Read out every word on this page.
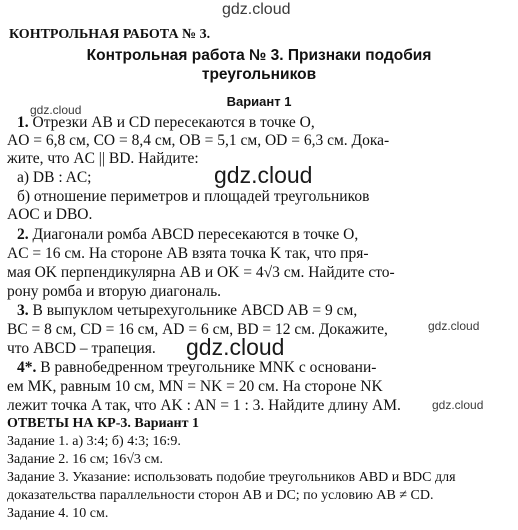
gdz.cloud
КОНТРОЛЬНАЯ РАБОТА № 3.
Контрольная работа № 3. Признаки подобия
треугольников
gdz.cloud
Вариант 1
1. Отрезки AB и CD пересекаются в точке O,
AO = 6,8 см, CO = 8,4 см, OB = 5,1 см, OD = 6,3 см. Дока-
жите, что AC || BD. Найдите:
а) DB : AC;	gdz.cloud
б) отношение периметров и площадей треугольников
AOC и DBO.
2. Диагонали ромба ABCD пересекаются в точке O,
AC = 16 см. На стороне AB взята точка K так, что пря-
мая OK перпендикулярна AB и OK = 4√3 см. Найдите сто-
рону ромба и вторую диагональ.
3. В выпуклом четырехугольнике ABCD AB = 9 см,
BC = 8 см, CD = 16 см, AD = 6 см, BD = 12 см. Докажите,	gdz.cloud
что ABCD – трапеция. gdz.cloud
4*. В равнобедренном треугольнике MNK с основани-
ем MK, равным 10 см, MN = NK = 20 см. На стороне NK
лежит точка A так, что AK : AN = 1 : 3. Найдите длину AM.	gdz.cloud
ОТВЕТЫ НА КР-3. Вариант 1
Задание 1. а) 3:4; б) 4:3; 16:9.
Задание 2. 16 см; 16√3 см.
Задание 3. Указание: использовать подобие треугольников ABD и BDC для
доказательства параллельности сторон AB и DC; по условию AB ≠ CD.
Задание 4. 10 см.
